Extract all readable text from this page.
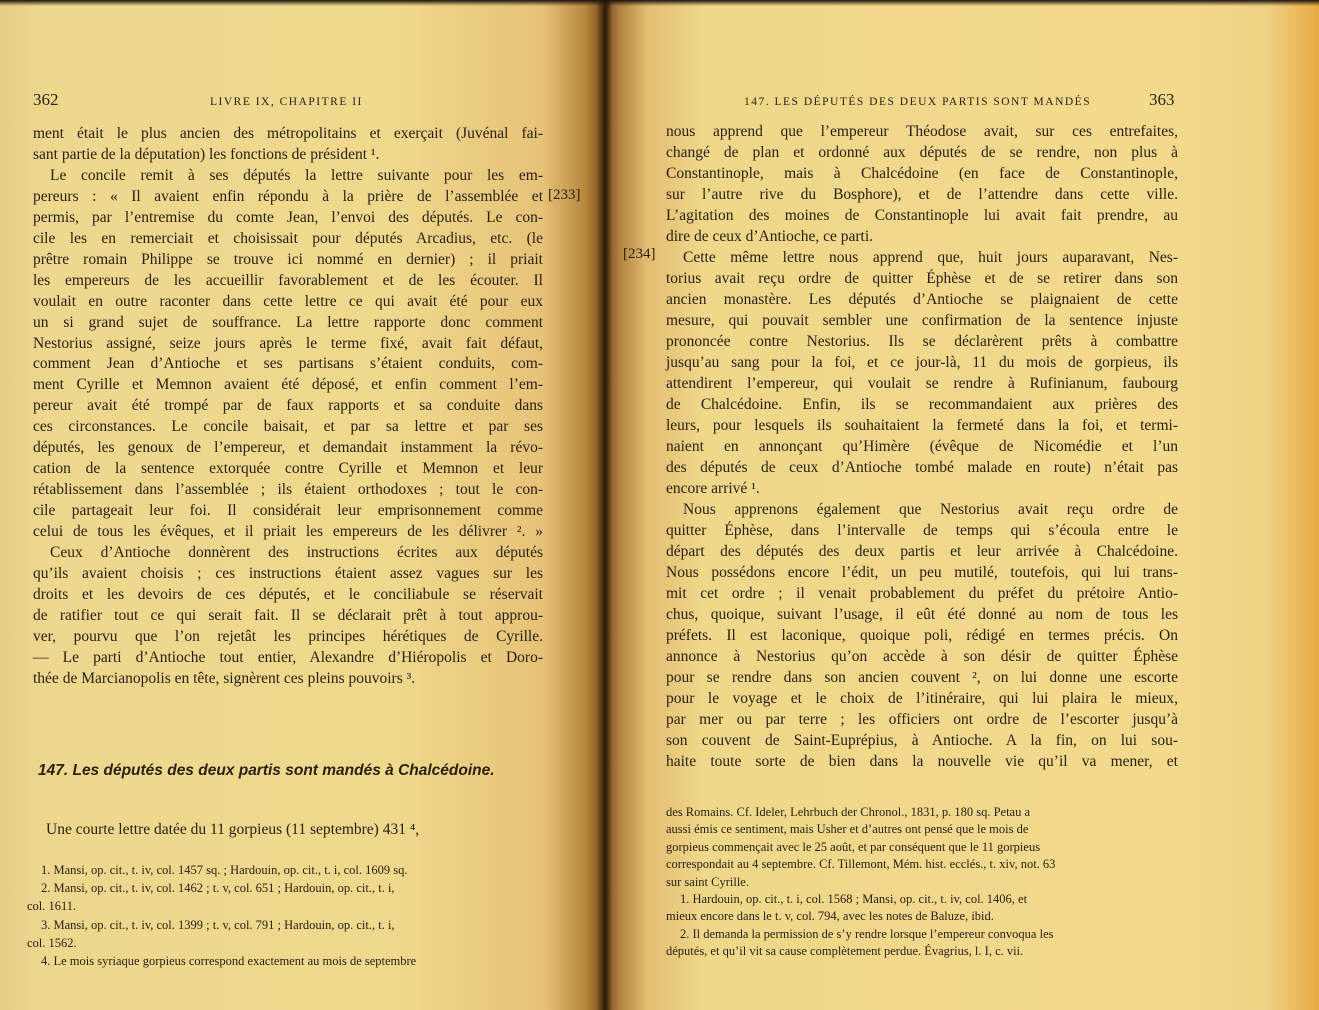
362	LIVRE IX, CHAPITRE II
ment était le plus ancien des métropolitains et exerçait (Juvénal fai-
sant partie de la députation) les fonctions de président ¹.
Le concile remit à ses députés la lettre suivante pour les em-
pereurs : « Il avaient enfin répondu à la prière de l’assemblée et
permis, par l’entremise du comte Jean, l’envoi des députés. Le con-
cile les en remerciait et choisissait pour députés Arcadius, etc. (le
prêtre romain Philippe se trouve ici nommé en dernier) ; il priait
les empereurs de les accueillir favorablement et de les écouter. Il
voulait en outre raconter dans cette lettre ce qui avait été pour eux
un si grand sujet de souffrance. La lettre rapporte donc comment
Nestorius assigné, seize jours après le terme fixé, avait fait défaut,
comment Jean d’Antioche et ses partisans s’étaient conduits, com-
ment Cyrille et Memnon avaient été déposé, et enfin comment l’em-
pereur avait été trompé par de faux rapports et sa conduite dans
ces circonstances. Le concile baisait, et par sa lettre et par ses
députés, les genoux de l’empereur, et demandait instamment la révo-
cation de la sentence extorquée contre Cyrille et Memnon et leur
rétablissement dans l’assemblée ; ils étaient orthodoxes ; tout le con-
cile partageait leur foi. Il considérait leur emprisonnement comme
celui de tous les évêques, et il priait les empereurs de les délivrer ². »
Ceux d’Antioche donnèrent des instructions écrites aux députés
qu’ils avaient choisis ; ces instructions étaient assez vagues sur les
droits et les devoirs de ces députés, et le conciliabule se réservait
de ratifier tout ce qui serait fait. Il se déclarait prêt à tout approu-
ver, pourvu que l’on rejetât les principes hérétiques de Cyrille.
— Le parti d’Antioche tout entier, Alexandre d’Hiéropolis et Doro-
thée de Marcianopolis en tête, signèrent ces pleins pouvoirs ³.
147. Les députés des deux partis sont mandés à Chalcédoine.
Une courte lettre datée du 11 gorpieus (11 septembre) 431 ⁴,
1. Mansi, op. cit., t. iv, col. 1457 sq. ; Hardouin, op. cit., t. i, col. 1609 sq.
2. Mansi, op. cit., t. iv, col. 1462 ; t. v, col. 651 ; Hardouin, op. cit., t. i,
col. 1611.
3. Mansi, op. cit., t. iv, col. 1399 ; t. v, col. 791 ; Hardouin, op. cit., t. i,
col. 1562.
4. Le mois syriaque gorpieus correspond exactement au mois de septembre
147. LES DÉPUTÉS DES DEUX PARTIS SONT MANDÉS	363
nous apprend que l’empereur Théodose avait, sur ces entrefaites,
changé de plan et ordonné aux députés de se rendre, non plus à
Constantinople, mais à Chalcédoine (en face de Constantinople,
sur l’autre rive du Bosphore), et de l’attendre dans cette ville.
L’agitation des moines de Constantinople lui avait fait prendre, au
dire de ceux d’Antioche, ce parti.
Cette même lettre nous apprend que, huit jours auparavant, Nes-
torius avait reçu ordre de quitter Éphèse et de se retirer dans son
ancien monastère. Les députés d’Antioche se plaignaient de cette
mesure, qui pouvait sembler une confirmation de la sentence injuste
prononcée contre Nestorius. Ils se déclarèrent prêts à combattre
jusqu’au sang pour la foi, et ce jour-là, 11 du mois de gorpieus, ils
attendirent l’empereur, qui voulait se rendre à Rufinianum, faubourg
de Chalcédoine. Enfin, ils se recommandaient aux prières des
leurs, pour lesquels ils souhaitaient la fermeté dans la foi, et termi-
naient en annonçant qu’Himère (évêque de Nicomédie et l’un
des députés de ceux d’Antioche tombé malade en route) n’était pas
encore arrivé ¹.
Nous apprenons également que Nestorius avait reçu ordre de
quitter Éphèse, dans l’intervalle de temps qui s’écoula entre le
départ des députés des deux partis et leur arrivée à Chalcédoine.
Nous possédons encore l’édit, un peu mutilé, toutefois, qui lui trans-
mit cet ordre ; il venait probablement du préfet du prétoire Antio-
chus, quoique, suivant l’usage, il eût été donné au nom de tous les
préfets. Il est laconique, quoique poli, rédigé en termes précis. On
annonce à Nestorius qu’on accède à son désir de quitter Éphèse
pour se rendre dans son ancien couvent ², on lui donne une escorte
pour le voyage et le choix de l’itinéraire, qui lui plaira le mieux,
par mer ou par terre ; les officiers ont ordre de l’escorter jusqu’à
son couvent de Saint-Euprépius, à Antioche. A la fin, on lui sou-
haite toute sorte de bien dans la nouvelle vie qu’il va mener, et
des Romains. Cf. Ideler, Lehrbuch der Chronol., 1831, p. 180 sq. Petau a
aussi émis ce sentiment, mais Usher et d’autres ont pensé que le mois de
gorpieus commençait avec le 25 août, et par conséquent que le 11 gorpieus
correspondait au 4 septembre. Cf. Tillemont, Mém. hist. ecclés., t. xiv, not. 63
sur saint Cyrille.
1. Hardouin, op. cit., t. i, col. 1568 ; Mansi, op. cit., t. iv, col. 1406, et
mieux encore dans le t. v, col. 794, avec les notes de Baluze, ibid.
2. Il demanda la permission de s’y rendre lorsque l’empereur convoqua les
députés, et qu’il vit sa cause complètement perdue. Évagrius, l. I, c. vii.
[233]
[234]
